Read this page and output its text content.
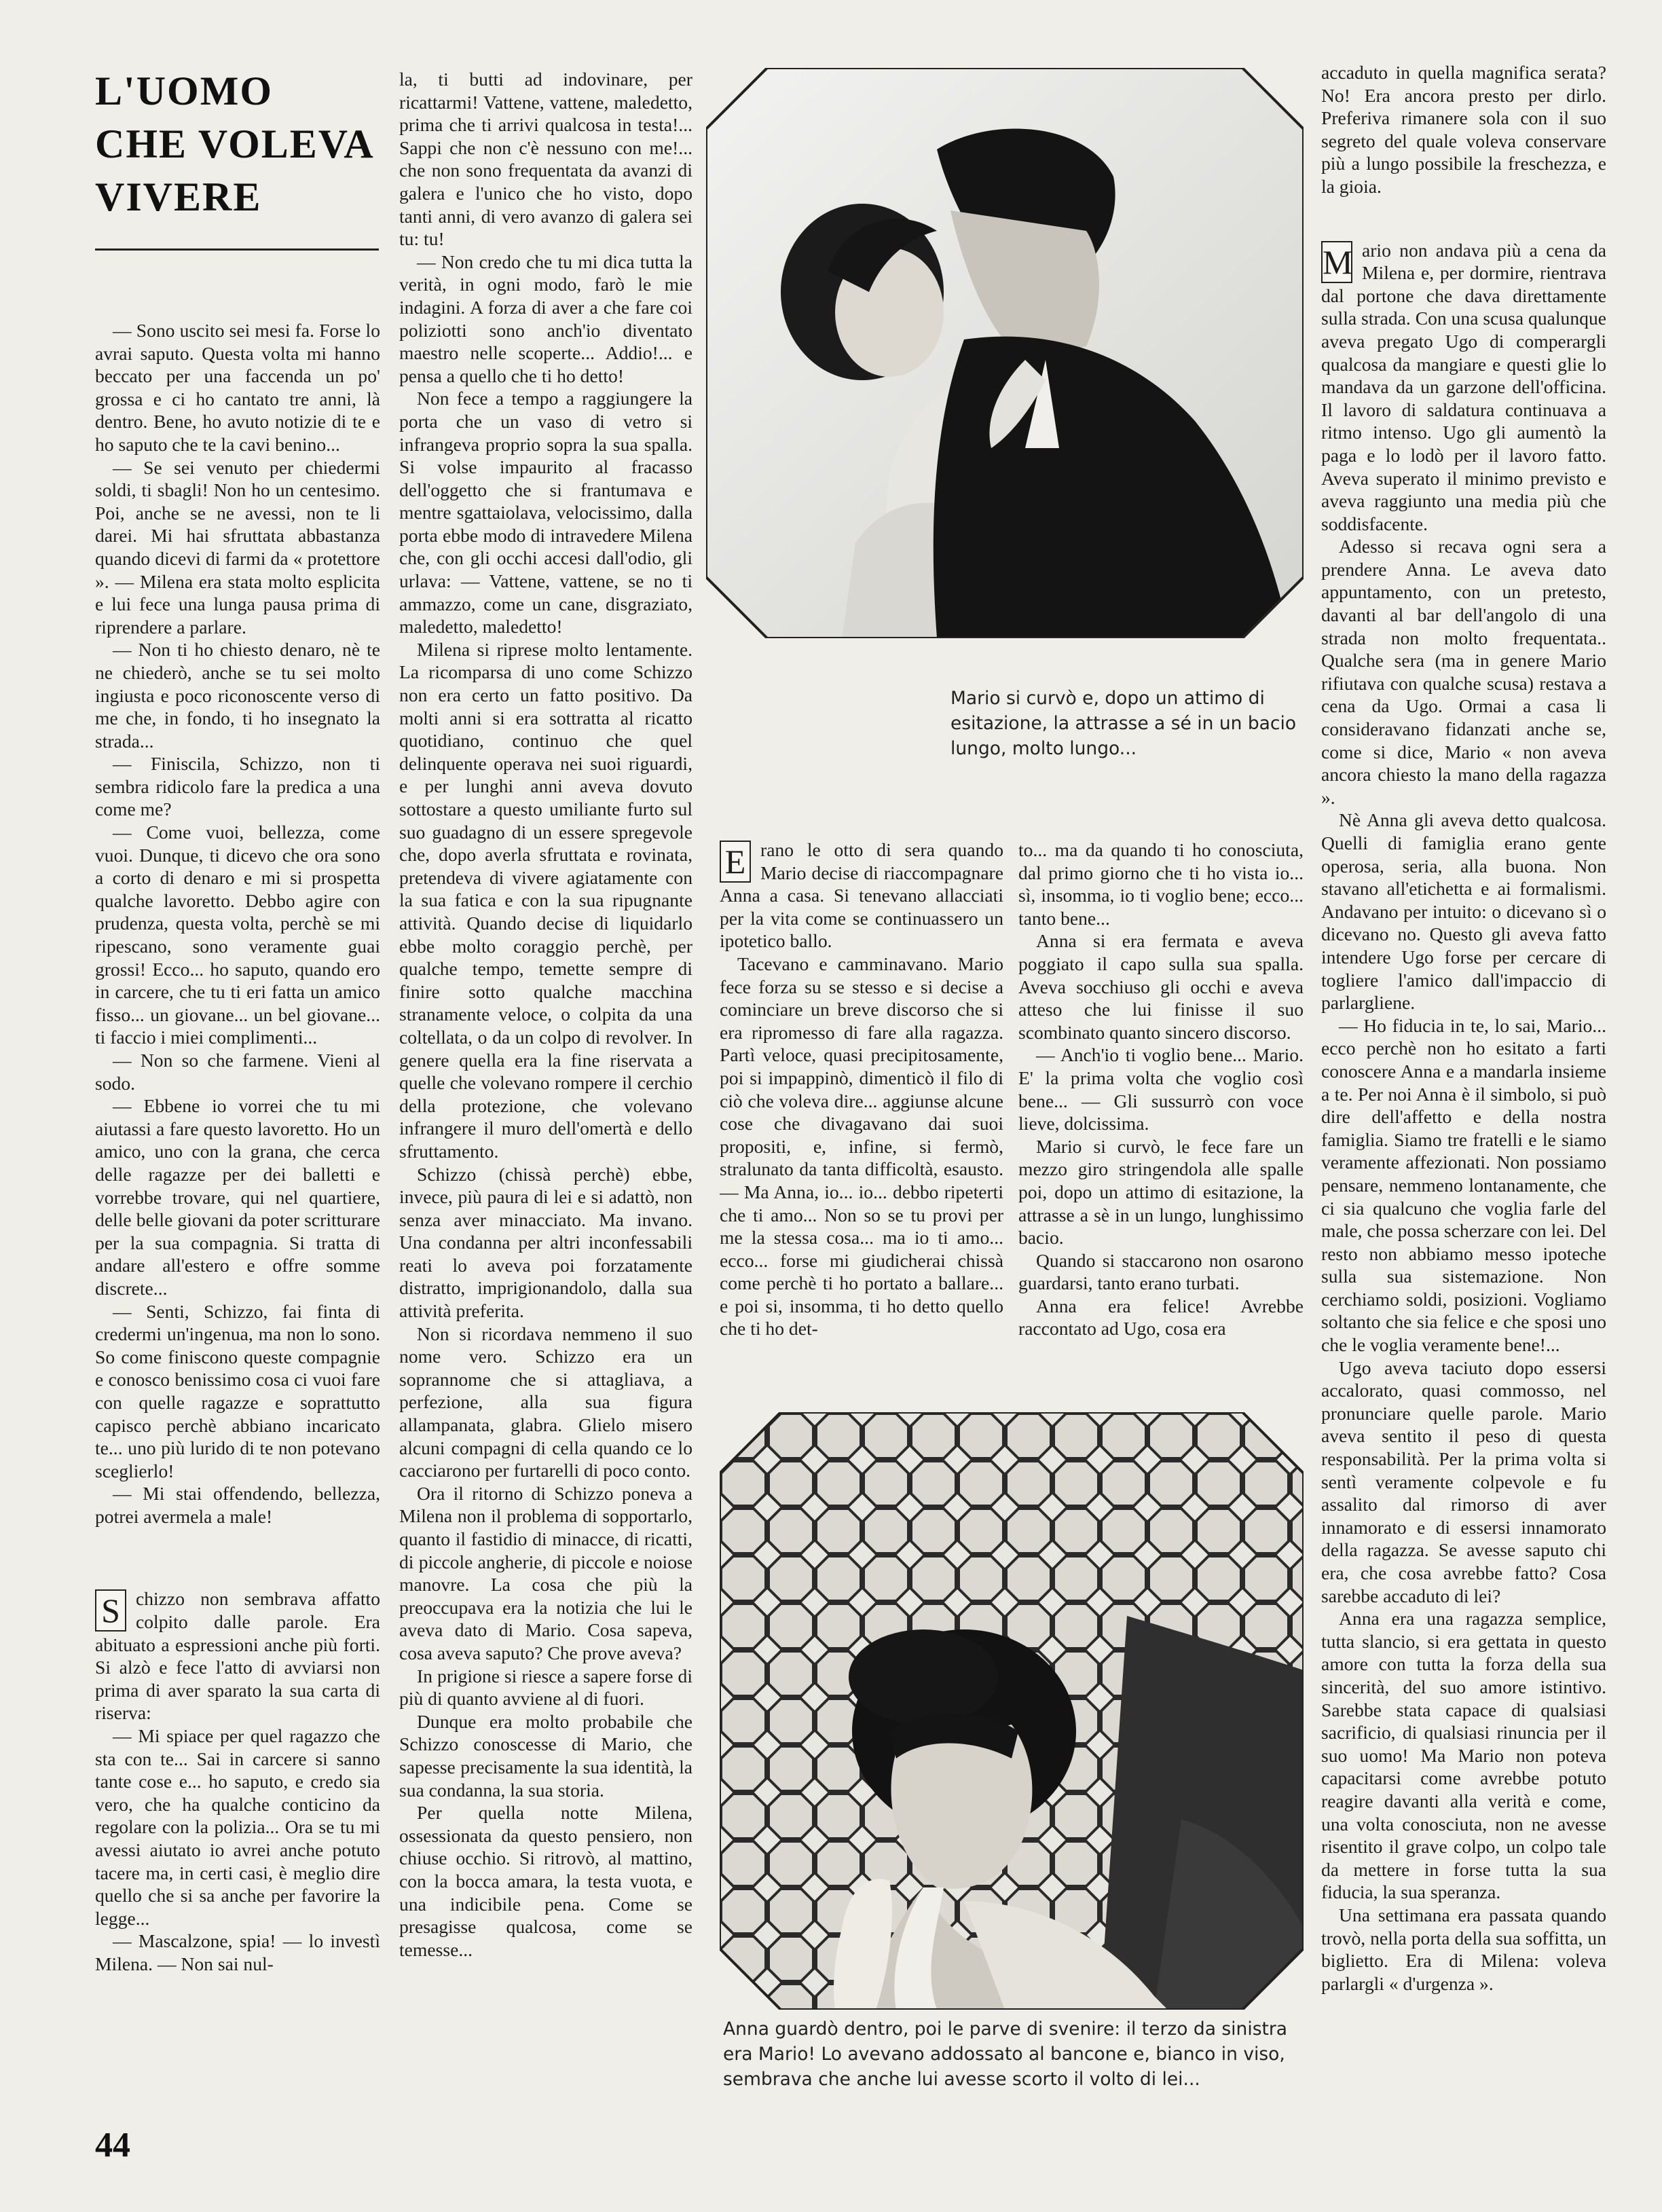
L'UOMO
CHE VOLEVA
VIVERE

— Sono uscito sei mesi fa. Forse lo avrai saputo. Questa volta mi hanno beccato per una faccenda un po' grossa e ci ho cantato tre anni, là dentro. Bene, ho avuto notizie di te e ho saputo che te la cavi benino...

— Se sei venuto per chiedermi soldi, ti sbagli! Non ho un centesimo. Poi, anche se ne avessi, non te li darei. Mi hai sfruttata abbastanza quando dicevi di farmi da « protettore ». — Milena era stata molto esplicita e lui fece una lunga pausa prima di riprendere a parlare.

— Non ti ho chiesto denaro, nè te ne chiederò, anche se tu sei molto ingiusta e poco riconoscente verso di me che, in fondo, ti ho insegnato la strada...

— Finiscila, Schizzo, non ti sembra ridicolo fare la predica a una come me?

— Come vuoi, bellezza, come vuoi. Dunque, ti dicevo che ora sono a corto di denaro e mi si prospetta qualche lavoretto. Debbo agire con prudenza, questa volta, perchè se mi ripescano, sono veramente guai grossi! Ecco... ho saputo, quando ero in carcere, che tu ti eri fatta un amico fisso... un giovane... un bel giovane... ti faccio i miei complimenti...

— Non so che farmene. Vieni al sodo.

— Ebbene io vorrei che tu mi aiutassi a fare questo lavoretto. Ho un amico, uno con la grana, che cerca delle ragazze per dei balletti e vorrebbe trovare, qui nel quartiere, delle belle giovani da poter scritturare per la sua compagnia. Si tratta di andare all'estero e offre somme discrete...

— Senti, Schizzo, fai finta di credermi un'ingenua, ma non lo sono. So come finiscono queste compagnie e conosco benissimo cosa ci vuoi fare con quelle ragazze e soprattutto capisco perchè abbiano incaricato te... uno più lurido di te non potevano sceglierlo!

— Mi stai offendendo, bellezza, potrei avermela a male!

S chizzo non sembrava affatto colpito dalle parole. Era abituato a espressioni anche più forti. Si alzò e fece l'atto di avviarsi non prima di aver sparato la sua carta di riserva:

— Mi spiace per quel ragazzo che sta con te... Sai in carcere si sanno tante cose e... ho saputo, e credo sia vero, che ha qualche conticino da regolare con la polizia... Ora se tu mi avessi aiutato io avrei anche potuto tacere ma, in certi casi, è meglio dire quello che si sa anche per favorire la legge...

— Mascalzone, spia! — lo investì Milena. — Non sai nul-

la, ti butti ad indovinare, per ricattarmi! Vattene, vattene, maledetto, prima che ti arrivi qualcosa in testa!... Sappi che non c'è nessuno con me!... che non sono frequentata da avanzi di galera e l'unico che ho visto, dopo tanti anni, di vero avanzo di galera sei tu: tu!

— Non credo che tu mi dica tutta la verità, in ogni modo, farò le mie indagini. A forza di aver a che fare coi poliziotti sono anch'io diventato maestro nelle scoperte... Addio!... e pensa a quello che ti ho detto!

Non fece a tempo a raggiungere la porta che un vaso di vetro si infrangeva proprio sopra la sua spalla. Si volse impaurito al fracasso dell'oggetto che si frantumava e mentre sgattaiolava, velocissimo, dalla porta ebbe modo di intravedere Milena che, con gli occhi accesi dall'odio, gli urlava: — Vattene, vattene, se no ti ammazzo, come un cane, disgraziato, maledetto, maledetto!

Milena si riprese molto lentamente. La ricomparsa di uno come Schizzo non era certo un fatto positivo. Da molti anni si era sottratta al ricatto quotidiano, continuo che quel delinquente operava nei suoi riguardi, e per lunghi anni aveva dovuto sottostare a questo umiliante furto sul suo guadagno di un essere spregevole che, dopo averla sfruttata e rovinata, pretendeva di vivere agiatamente con la sua fatica e con la sua ripugnante attività. Quando decise di liquidarlo ebbe molto coraggio perchè, per qualche tempo, temette sempre di finire sotto qualche macchina stranamente veloce, o colpita da una coltellata, o da un colpo di revolver. In genere quella era la fine riservata a quelle che volevano rompere il cerchio della protezione, che volevano infrangere il muro dell'omertà e dello sfruttamento.

Schizzo (chissà perchè) ebbe, invece, più paura di lei e si adattò, non senza aver minacciato. Ma invano. Una condanna per altri inconfessabili reati lo aveva poi forzatamente distratto, imprigionandolo, dalla sua attività preferita.

Non si ricordava nemmeno il suo nome vero. Schizzo era un soprannome che si attagliava, a perfezione, alla sua figura allampanata, glabra. Glielo misero alcuni compagni di cella quando ce lo cacciarono per furtarelli di poco conto.

Ora il ritorno di Schizzo poneva a Milena non il problema di sopportarlo, quanto il fastidio di minacce, di ricatti, di piccole angherie, di piccole e noiose manovre. La cosa che più la preoccupava era la notizia che lui le aveva dato di Mario. Cosa sapeva, cosa aveva saputo? Che prove aveva?

In prigione si riesce a sapere forse di più di quanto avviene al di fuori.

Dunque era molto probabile che Schizzo conoscesse di Mario, che sapesse precisamente la sua identità, la sua condanna, la sua storia.

Per quella notte Milena, ossessionata da questo pensiero, non chiuse occhio. Si ritrovò, al mattino, con la bocca amara, la testa vuota, e una indicibile pena. Come se presagisse qualcosa, come se temesse...

Mario si curvò e, dopo un attimo di esitazione, la attrasse a sé in un bacio lungo, molto lungo...

E rano le otto di sera quando Mario decise di riaccompagnare Anna a casa. Si tenevano allacciati per la vita come se continuassero un ipotetico ballo.

Tacevano e camminavano. Mario fece forza su se stesso e si decise a cominciare un breve discorso che si era ripromesso di fare alla ragazza. Partì veloce, quasi precipitosamente, poi si impappinò, dimenticò il filo di ciò che voleva dire... aggiunse alcune cose che divagavano dai suoi propositi, e, infine, si fermò, stralunato da tanta difficoltà, esausto. — Ma Anna, io... io... debbo ripeterti che ti amo... Non so se tu provi per me la stessa cosa... ma io ti amo... ecco... forse mi giudicherai chissà come perchè ti ho portato a ballare... e poi si, insomma, ti ho detto quello che ti ho det-

to... ma da quando ti ho conosciuta, dal primo giorno che ti ho vista io... sì, insomma, io ti voglio bene; ecco... tanto bene...

Anna si era fermata e aveva poggiato il capo sulla sua spalla. Aveva socchiuso gli occhi e aveva atteso che lui finisse il suo scombinato quanto sincero discorso.

— Anch'io ti voglio bene... Mario. E' la prima volta che voglio così bene... — Gli sussurrò con voce lieve, dolcissima.

Mario si curvò, le fece fare un mezzo giro stringendola alle spalle poi, dopo un attimo di esitazione, la attrasse a sè in un lungo, lunghissimo bacio.

Quando si staccarono non osarono guardarsi, tanto erano turbati.

Anna era felice! Avrebbe raccontato ad Ugo, cosa era

Anna guardò dentro, poi le parve di svenire: il terzo da sinistra era Mario! Lo avevano addossato al bancone e, bianco in viso, sembrava che anche lui avesse scorto il volto di lei...

accaduto in quella magnifica serata? No! Era ancora presto per dirlo. Preferiva rimanere sola con il suo segreto del quale voleva conservare più a lungo possibile la freschezza, e la gioia.

M ario non andava più a cena da Milena e, per dormire, rientrava dal portone che dava direttamente sulla strada. Con una scusa qualunque aveva pregato Ugo di comperargli qualcosa da mangiare e questi glie lo mandava da un garzone dell'officina. Il lavoro di saldatura continuava a ritmo intenso. Ugo gli aumentò la paga e lo lodò per il lavoro fatto. Aveva superato il minimo previsto e aveva raggiunto una media più che soddisfacente.

Adesso si recava ogni sera a prendere Anna. Le aveva dato appuntamento, con un pretesto, davanti al bar dell'angolo di una strada non molto frequentata.. Qualche sera (ma in genere Mario rifiutava con qualche scusa) restava a cena da Ugo. Ormai a casa li consideravano fidanzati anche se, come si dice, Mario « non aveva ancora chiesto la mano della ragazza ».

Nè Anna gli aveva detto qualcosa. Quelli di famiglia erano gente operosa, seria, alla buona. Non stavano all'etichetta e ai formalismi. Andavano per intuito: o dicevano sì o dicevano no. Questo gli aveva fatto intendere Ugo forse per cercare di togliere l'amico dall'impaccio di parlargliene.

— Ho fiducia in te, lo sai, Mario... ecco perchè non ho esitato a farti conoscere Anna e a mandarla insieme a te. Per noi Anna è il simbolo, si può dire dell'affetto e della nostra famiglia. Siamo tre fratelli e le siamo veramente affezionati. Non possiamo pensare, nemmeno lontanamente, che ci sia qualcuno che voglia farle del male, che possa scherzare con lei. Del resto non abbiamo messo ipoteche sulla sua sistemazione. Non cerchiamo soldi, posizioni. Vogliamo soltanto che sia felice e che sposi uno che le voglia veramente bene!...

Ugo aveva taciuto dopo essersi accalorato, quasi commosso, nel pronunciare quelle parole. Mario aveva sentito il peso di questa responsabilità. Per la prima volta si sentì veramente colpevole e fu assalito dal rimorso di aver innamorato e di essersi innamorato della ragazza. Se avesse saputo chi era, che cosa avrebbe fatto? Cosa sarebbe accaduto di lei?

Anna era una ragazza semplice, tutta slancio, si era gettata in questo amore con tutta la forza della sua sincerità, del suo amore istintivo. Sarebbe stata capace di qualsiasi sacrificio, di qualsiasi rinuncia per il suo uomo! Ma Mario non poteva capacitarsi come avrebbe potuto reagire davanti alla verità e come, una volta conosciuta, non ne avesse risentito il grave colpo, un colpo tale da mettere in forse tutta la sua fiducia, la sua speranza.

Una settimana era passata quando trovò, nella porta della sua soffitta, un biglietto. Era di Milena: voleva parlargli « d'urgenza ».

44
